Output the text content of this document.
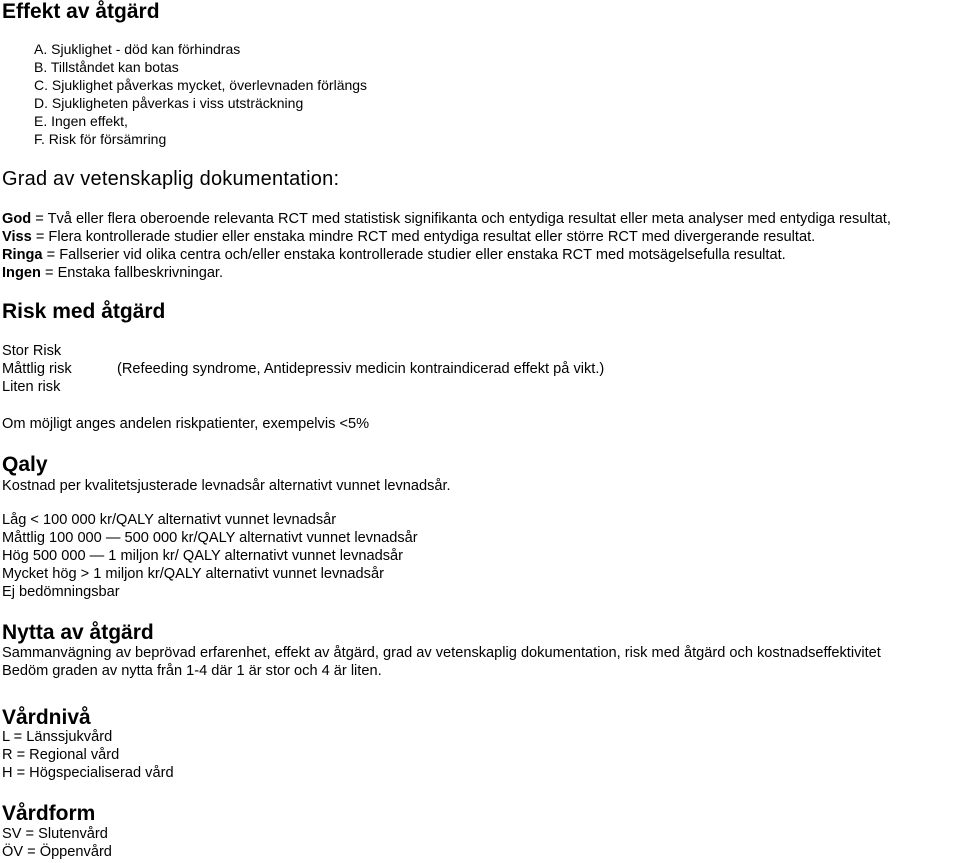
Effekt av åtgärd
A. Sjuklighet - död kan förhindras
B. Tillståndet kan botas
C. Sjuklighet påverkas mycket, överlevnaden förlängs
D. Sjukligheten påverkas i viss utsträckning
E. Ingen effekt,
F. Risk för försämring
Grad av vetenskaplig dokumentation:
God = Två eller flera oberoende relevanta RCT med statistisk signifikanta och entydiga resultat eller meta analyser med entydiga resultat,
Viss = Flera kontrollerade studier eller enstaka mindre RCT med entydiga resultat eller större RCT med divergerande resultat.
Ringa = Fallserier vid olika centra och/eller enstaka kontrollerade studier eller enstaka RCT med motsägelsefulla resultat.
Ingen = Enstaka fallbeskrivningar.
Risk med åtgärd
Stor Risk
Måttlig risk
Liten risk
(Refeeding syndrome, Antidepressiv medicin kontraindicerad effekt på vikt.)
Om möjligt anges andelen riskpatienter, exempelvis <5%
Qaly
Kostnad per kvalitetsjusterade levnadsår alternativt vunnet levnadsår.
Låg < 100 000 kr/QALY alternativt vunnet levnadsår
Måttlig 100 000 — 500 000 kr/QALY alternativt vunnet levnadsår
Hög 500 000 — 1 miljon kr/ QALY alternativt vunnet levnadsår
Mycket hög > 1 miljon kr/QALY alternativt vunnet levnadsår
Ej bedömningsbar
Nytta av åtgärd
Sammanvägning av beprövad erfarenhet, effekt av åtgärd, grad av vetenskaplig dokumentation, risk med åtgärd och kostnadseffektivitet
Bedöm graden av nytta från 1-4 där 1 är stor och 4 är liten.
Vårdnivå
L = Länssjukvård
R = Regional vård
H = Högspecialiserad vård
Vårdform
SV = Slutenvård
ÖV = Öppenvård
